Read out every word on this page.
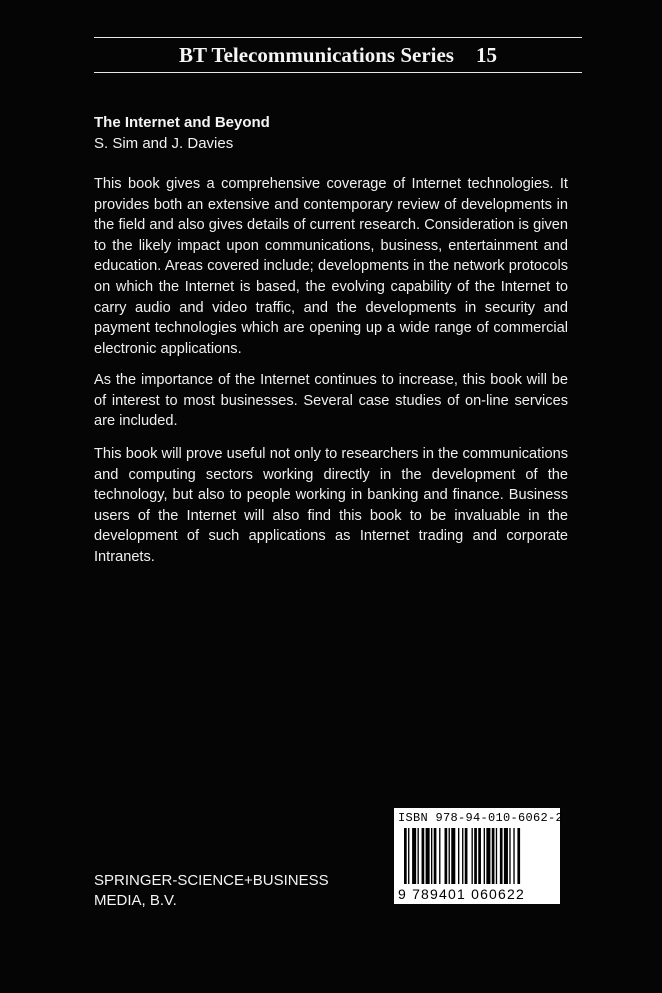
BT Telecommunications Series 15
The Internet and Beyond
S. Sim and J. Davies

This book gives a comprehensive coverage of Internet technologies. It provides both an extensive and contemporary review of developments in the field and also gives details of current research. Consideration is given to the likely impact upon communications, business, entertainment and education. Areas covered include; developments in the network protocols on which the Internet is based, the evolving capability of the Internet to carry audio and video traffic, and the developments in security and payment technologies which are opening up a wide range of commercial electronic applications.

As the importance of the Internet continues to increase, this book will be of interest to most businesses. Several case studies of on-line services are included.

This book will prove useful not only to researchers in the communications and computing sectors working directly in the development of the technology, but also to people working in banking and finance. Business users of the Internet will also find this book to be invaluable in the development of such applications as Internet trading and corporate Intranets.

SPRINGER-SCIENCE+BUSINESS
MEDIA, B.V.
ISBN 978-94-010-6062-2
9 789401 060622
